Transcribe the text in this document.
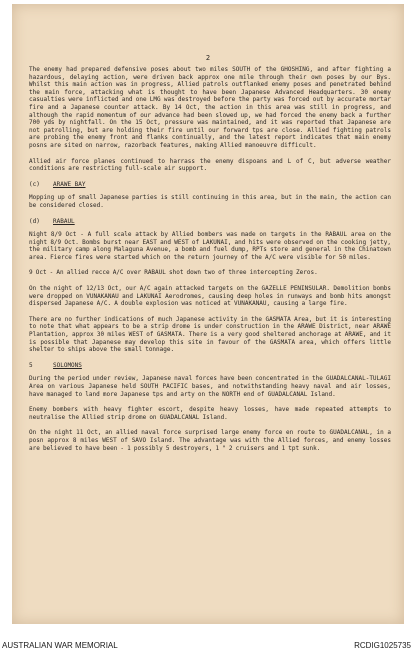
2

The enemy had prepared defensive poses about two miles SOUTH of the GHOSHING, and after fighting a hazardous, delaying action, were driven back approx one mile through their own poses by our Bys. Whilst this main action was in progress, Allied patrols outflanked enemy poses and penetrated behind the main force, attacking what is thought to have been Japanese Advanced Headquarters. 30 enemy casualties were inflicted and one LMG was destroyed before the party was forced out by accurate mortar fire and a Japanese counter attack. By 14 Oct, the action in this area was still in progress, and although the rapid momentum of our advance had been slowed up, we had forced the enemy back a further 700 yds by nightfall. On the 15 Oct, pressure was maintained, and it was reported that Japanese are not patrolling, but are holding their fire until our forward tps are close. Allied fighting patrols are probing the enemy front and flanks continually, and the latest report indicates that main enemy posns are sited on narrow, razorback features, making Allied manoeuvre difficult.

Allied air force planes continued to harrass the enemy dispoans and L of C, but adverse weather conditions are restricting full-scale air support.

(c)	ARAWE BAY

Mopping up of small Japanese parties is still continuing in this area, but in the main, the action can be considered closed.

(d)	RABAUL

Night 8/9 Oct - A full scale attack by Allied bombers was made on targets in the RABAUL area on the night 8/9 Oct. Bombs burst near EAST and WEST of LAKUNAI, and hits were observed on the cooking jetty, the military camp along Malaguna Avenue, a bomb and fuel dump, RPTs store and general in the Chinatown area. Fierce fires were started which on the return journey of the A/C were visible for 50 miles.

9 Oct - An allied recce A/C over RABAUL shot down two of three intercepting Zeros.

On the night of 12/13 Oct, our A/C again attacked targets on the GAZELLE PENINSULAR. Demolition bombs were dropped on VUNAKANAU and LAKUNAI Aerodromes, causing deep holes in runways and bomb hits amongst dispersed Japanese A/C. A double explosion was noticed at VUNAKANAU, causing a large fire.

There are no further indications of much Japanese activity in the GASMATA Area, but it is interesting to note that what appears to be a strip drome is under construction in the ARAWE District, near ARAWE Plantation, approx 30 miles WEST of GASMATA. There is a very good sheltered anchorage at ARAWE, and it is possible that Japanese may develop this site in favour of the GASMATA area, which offers little shelter to ships above the small tonnage.

5	SOLOMONS

During the period under review, Japanese naval forces have been concentrated in the GUADALCANAL-TULAGI Area on various Japanese held SOUTH PACIFIC bases, and notwithstanding heavy naval and air losses, have managed to land more Japanese tps and arty on the NORTH end of GUADALCANAL Island.

Enemy bombers with heavy fighter escort, despite heavy losses, have made repeated attempts to neutralise the Allied strip drome on GUADALCANAL Island.

On the night 11 Oct, an allied naval force surprised large enemy force en route to GUADALCANAL, in a posn approx 8 miles WEST of SAVO Island. The advantage was with the Allied forces, and enemy losses are believed to have been - 1 possibly 5 destroyers, 1 " 2 cruisers and 1 tpt sunk.

AUSTRALIAN WAR MEMORIAL	RCDIG1025735
